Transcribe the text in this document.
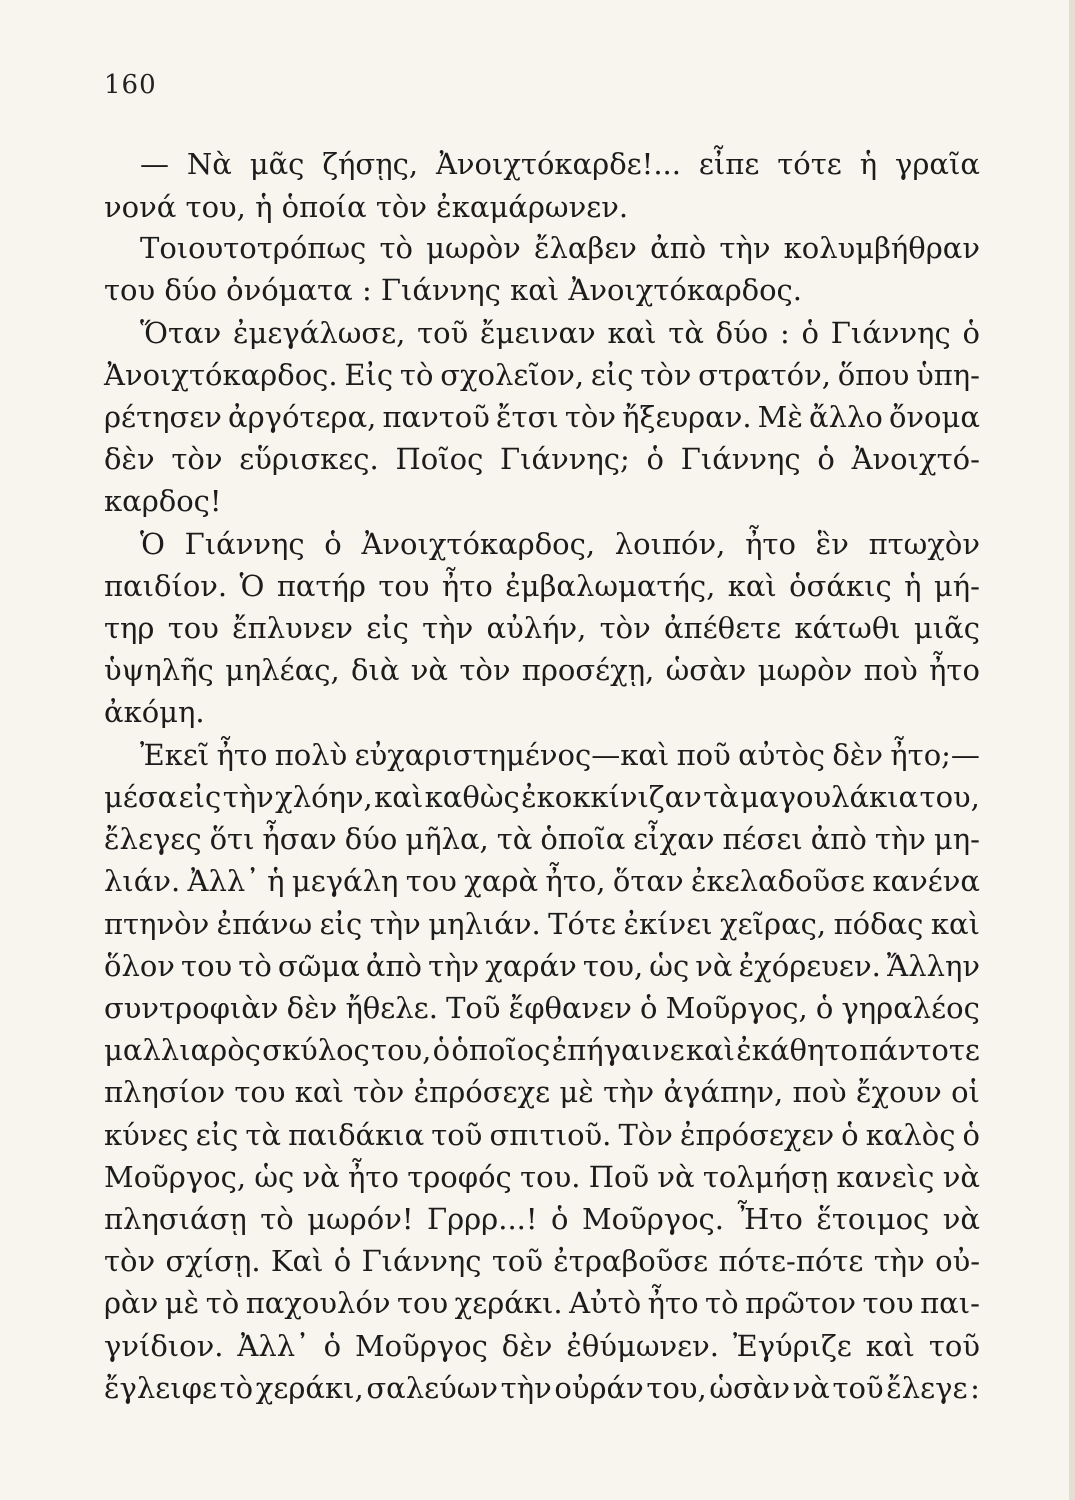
160
— Νὰ μᾶς ζήσῃς, Ἀνοιχτόκαρδε!... εἶπε τότε ἡ γραῖα
νονά του, ἡ ὁποία τὸν ἐκαμάρωνεν.
Τοιουτοτρόπως τὸ μωρὸν ἔλαβεν ἀπὸ τὴν κολυμβήθραν
του δύο ὀνόματα : Γιάννης καὶ Ἀνοιχτόκαρδος.
Ὅταν ἐμεγάλωσε, τοῦ ἔμειναν καὶ τὰ δύο : ὁ Γιάννης ὁ
Ἀνοιχτόκαρδος. Εἰς τὸ σχολεῖον, εἰς τὸν στρατόν, ὅπου ὑπη-
ρέτησεν ἀργότερα, παντοῦ ἔτσι τὸν ἤξευραν. Μὲ ἄλλο ὄνομα
δὲν τὸν εὕρισκες. Ποῖος Γιάννης; ὁ Γιάννης ὁ Ἀνοιχτό-
καρδος!
Ὁ Γιάννης ὁ Ἀνοιχτόκαρδος, λοιπόν, ἦτο ἓν πτωχὸν
παιδίον. Ὁ πατήρ του ἦτο ἐμβαλωματής, καὶ ὁσάκις ἡ μή-
τηρ του ἔπλυνεν εἰς τὴν αὐλήν, τὸν ἀπέθετε κάτωθι μιᾶς
ὑψηλῆς μηλέας, διὰ νὰ τὸν προσέχῃ, ὡσὰν μωρὸν ποὺ ἦτο
ἀκόμη.
Ἐκεῖ ἦτο πολὺ εὐχαριστημένος—καὶ ποῦ αὐτὸς δὲν ἦτο;—
μέσα εἰς τὴν χλόην, καὶ καθὼς ἐκοκκίνιζαν τὰ μαγουλάκια του,
ἔλεγες ὅτι ἦσαν δύο μῆλα, τὰ ὁποῖα εἶχαν πέσει ἀπὸ τὴν μη-
λιάν. Ἀλλ᾽ ἡ μεγάλη του χαρὰ ἦτο, ὅταν ἐκελαδοῦσε κανένα
πτηνὸν ἐπάνω εἰς τὴν μηλιάν. Τότε ἐκίνει χεῖρας, πόδας καὶ
ὅλον του τὸ σῶμα ἀπὸ τὴν χαράν του, ὡς νὰ ἐχόρευεν. Ἄλλην
συντροφιὰν δὲν ἤθελε. Τοῦ ἔφθανεν ὁ Μοῦργος, ὁ γηραλέος
μαλλιαρὸς σκύλος του, ὁ ὁποῖος ἐπήγαινε καὶ ἐκάθητο πάντοτε
πλησίον του καὶ τὸν ἐπρόσεχε μὲ τὴν ἀγάπην, ποὺ ἔχουν οἱ
κύνες εἰς τὰ παιδάκια τοῦ σπιτιοῦ. Τὸν ἐπρόσεχεν ὁ καλὸς ὁ
Μοῦργος, ὡς νὰ ἦτο τροφός του. Ποῦ νὰ τολμήσῃ κανεὶς νὰ
πλησιάσῃ τὸ μωρόν! Γρρρ...! ὁ Μοῦργος. Ἦτο ἕτοιμος νὰ
τὸν σχίσῃ. Καὶ ὁ Γιάννης τοῦ ἐτραβοῦσε πότε-πότε τὴν οὐ-
ρὰν μὲ τὸ παχουλόν του χεράκι. Αὐτὸ ἦτο τὸ πρῶτον του παι-
γνίδιον. Ἀλλ᾽ ὁ Μοῦργος δὲν ἐθύμωνεν. Ἐγύριζε καὶ τοῦ
ἔγλειφε τὸ χεράκι, σαλεύων τὴν οὐράν του, ὡσὰν νὰ τοῦ ἔλεγε :
